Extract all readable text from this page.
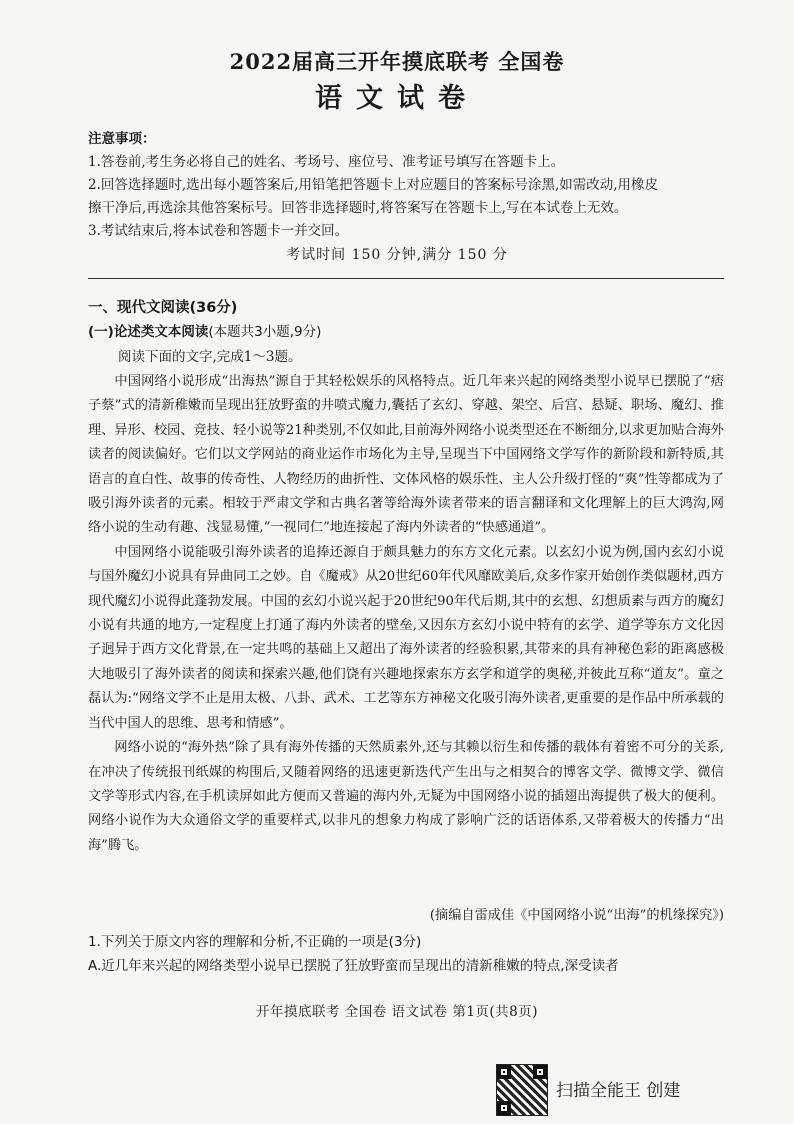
2022届高三开年摸底联考 全国卷
语文试卷

注意事项：

1.答卷前,考生务必将自己的姓名、考场号、座位号、准考证号填写在答题卡上。

2.回答选择题时,选出每小题答案后,用铅笔把答题卡上对应题目的答案标号涂黑,如需改动,用橡皮

擦干净后,再选涂其他答案标号。回答非选择题时,将答案写在答题卡上,写在本试卷上无效。

3.考试结束后,将本试卷和答题卡一并交回。

考试时间 150 分钟,满分 150 分
一、现代文阅读(36分)
(一)论述类文本阅读(本题共3小题,9分)
阅读下面的文字,完成1～3题。

中国网络小说形成“出海热”源自于其轻松娱乐的风格特点。近几年来兴起的网络类型小说早已摆脱了“痞子蔡”式的清新稚嫩而呈现出狂放野蛮的井喷式魔力,囊括了玄幻、穿越、架空、后宫、悬疑、职场、魔幻、推理、异形、校园、竞技、轻小说等21种类别,不仅如此,目前海外网络小说类型还在不断细分,以求更加贴合海外读者的阅读偏好。它们以文学网站的商业运作市场化为主导,呈现当下中国网络文学写作的新阶段和新特质,其语言的直白性、故事的传奇性、人物经历的曲折性、文体风格的娱乐性、主人公升级打怪的“爽”性等都成为了吸引海外读者的元素。相较于严肃文学和古典名著等给海外读者带来的语言翻译和文化理解上的巨大鸿沟,网络小说的生动有趣、浅显易懂,“一视同仁”地连接起了海内外读者的“快感通道”。

中国网络小说能吸引海外读者的追捧还源自于颇具魅力的东方文化元素。以玄幻小说为例,国内玄幻小说与国外魔幻小说具有异曲同工之妙。自《魔戒》从20世纪60年代风靡欧美后,众多作家开始创作类似题材,西方现代魔幻小说得此蓬勃发展。中国的玄幻小说兴起于20世纪90年代后期,其中的玄想、幻想质素与西方的魔幻小说有共通的地方,一定程度上打通了海内外读者的壁垒,又因东方玄幻小说中特有的玄学、道学等东方文化因子迥异于西方文化背景,在一定共鸣的基础上又超出了海外读者的经验积累,其带来的具有神秘色彩的距离感极大地吸引了海外读者的阅读和探索兴趣,他们饶有兴趣地探索东方玄学和道学的奥秘,并彼此互称“道友”。童之磊认为:“网络文学不止是用太极、八卦、武术、工艺等东方神秘文化吸引海外读者,更重要的是作品中所承载的当代中国人的思维、思考和情感”。

网络小说的“海外热”除了具有海外传播的天然质素外,还与其赖以衍生和传播的载体有着密不可分的关系,在冲决了传统报刊纸媒的构围后,又随着网络的迅速更新迭代产生出与之相契合的博客文学、微博文学、微信文学等形式内容,在手机读屏如此方便而又普遍的海内外,无疑为中国网络小说的插翅出海提供了极大的便利。网络小说作为大众通俗文学的重要样式,以非凡的想象力构成了影响广泛的话语体系,又带着极大的传播力“出海”腾飞。

(摘编自雷成佳《中国网络小说“出海”的机缘探究》)
1.下列关于原文内容的理解和分析,不正确的一项是(3分)
A.近几年来兴起的网络类型小说早已摆脱了狂放野蛮而呈现出的清新稚嫩的特点,深受读者
开年摸底联考 全国卷 语文试卷 第1页(共8页)
扫描全能王 创建
